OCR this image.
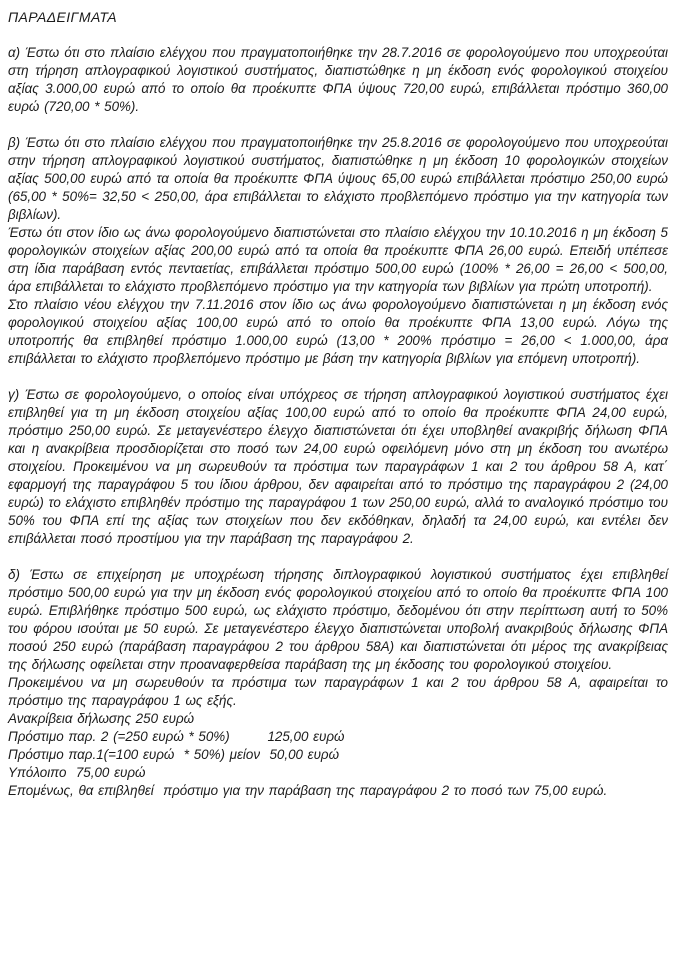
ΠΑΡΑΔΕΙΓΜΑΤΑ

α) Έστω ότι στο πλαίσιο ελέγχου που πραγματοποιήθηκε την 28.7.2016 σε φορολογούμενο που υποχρεούται στη τήρηση απλογραφικού λογιστικού συστήματος, διαπιστώθηκε η μη έκδοση ενός φορολογικού στοιχείου αξίας 3.000,00 ευρώ από το οποίο θα προέκυπτε ΦΠΑ ύψους 720,00 ευρώ, επιβάλλεται πρόστιμο 360,00 ευρώ (720,00 * 50%).

β) Έστω ότι στο πλαίσιο ελέγχου που πραγματοποιήθηκε την 25.8.2016 σε φορολογούμενο που υποχρεούται στην τήρηση απλογραφικού λογιστικού συστήματος, διαπιστώθηκε η μη έκδοση 10 φορολογικών στοιχείων αξίας 500,00 ευρώ από τα οποία θα προέκυπτε ΦΠΑ ύψους 65,00 ευρώ επιβάλλεται πρόστιμο 250,00 ευρώ (65,00 * 50%= 32,50 < 250,00, άρα επιβάλλεται το ελάχιστο προβλεπόμενο πρόστιμο για την κατηγορία των βιβλίων).

Έστω ότι στον ίδιο ως άνω φορολογούμενο διαπιστώνεται στο πλαίσιο ελέγχου την 10.10.2016 η μη έκδοση 5 φορολογικών στοιχείων αξίας 200,00 ευρώ από τα οποία θα προέκυπτε ΦΠΑ 26,00 ευρώ. Επειδή υπέπεσε στη ίδια παράβαση εντός πενταετίας, επιβάλλεται πρόστιμο 500,00 ευρώ (100% * 26,00 = 26,00 < 500,00, άρα επιβάλλεται το ελάχιστο προβλεπόμενο πρόστιμο για την κατηγορία των βιβλίων για πρώτη υποτροπή).

Στο πλαίσιο νέου ελέγχου την 7.11.2016 στον ίδιο ως άνω φορολογούμενο διαπιστώνεται η μη έκδοση ενός φορολογικού στοιχείου αξίας 100,00 ευρώ από το οποίο θα προέκυπτε ΦΠΑ 13,00 ευρώ. Λόγω της υποτροπής θα επιβληθεί πρόστιμο 1.000,00 ευρώ (13,00 * 200% πρόστιμο = 26,00 < 1.000,00, άρα επιβάλλεται το ελάχιστο προβλεπόμενο πρόστιμο με βάση την κατηγορία βιβλίων για επόμενη υποτροπή).

γ) Έστω σε φορολογούμενο, ο οποίος είναι υπόχρεος σε τήρηση απλογραφικού λογιστικού συστήματος έχει επιβληθεί για τη μη έκδοση στοιχείου αξίας 100,00 ευρώ από το οποίο θα προέκυπτε ΦΠΑ 24,00 ευρώ, πρόστιμο 250,00 ευρώ. Σε μεταγενέστερο έλεγχο διαπιστώνεται ότι έχει υποβληθεί ανακριβής δήλωση ΦΠΑ και η ανακρίβεια προσδιορίζεται στο ποσό των 24,00 ευρώ οφειλόμενη μόνο στη μη έκδοση του ανωτέρω στοιχείου. Προκειμένου να μη σωρευθούν τα πρόστιμα των παραγράφων 1 και 2 του άρθρου 58 Α, κατ΄ εφαρμογή της παραγράφου 5 του ίδιου άρθρου, δεν αφαιρείται από το πρόστιμο της παραγράφου 2 (24,00 ευρώ) το ελάχιστο επιβληθέν πρόστιμο της παραγράφου 1 των 250,00 ευρώ, αλλά το αναλογικό πρόστιμο του 50% του ΦΠΑ επί της αξίας των στοιχείων που δεν εκδόθηκαν, δηλαδή τα 24,00 ευρώ, και εντέλει δεν επιβάλλεται ποσό προστίμου για την παράβαση της παραγράφου 2.

δ) Έστω σε επιχείρηση με υποχρέωση τήρησης διπλογραφικού λογιστικού συστήματος έχει επιβληθεί πρόστιμο 500,00 ευρώ για την μη έκδοση ενός φορολογικού στοιχείου από το οποίο θα προέκυπτε ΦΠΑ 100 ευρώ. Επιβλήθηκε πρόστιμο 500 ευρώ, ως ελάχιστο πρόστιμο, δεδομένου ότι στην περίπτωση αυτή το 50% του φόρου ισούται με 50 ευρώ. Σε μεταγενέστερο έλεγχο διαπιστώνεται υποβολή ανακριβούς δήλωσης ΦΠΑ ποσού 250 ευρώ (παράβαση παραγράφου 2 του άρθρου 58Α) και διαπιστώνεται ότι μέρος της ανακρίβειας της δήλωσης οφείλεται στην προαναφερθείσα παράβαση της μη έκδοσης του φορολογικού στοιχείου.

Προκειμένου να μη σωρευθούν τα πρόστιμα των παραγράφων 1 και 2 του άρθρου 58 Α, αφαιρείται το πρόστιμο της παραγράφου 1 ως εξής.

Ανακρίβεια δήλωσης 250 ευρώ

Πρόστιμο παρ. 2 (=250 ευρώ * 50%)        125,00 ευρώ

Πρόστιμο παρ.1(=100 ευρώ  * 50%) μείον  50,00 ευρώ

Υπόλοιπο  75,00 ευρώ

Επομένως, θα επιβληθεί  πρόστιμο για την παράβαση της παραγράφου 2 το ποσό των 75,00 ευρώ.
